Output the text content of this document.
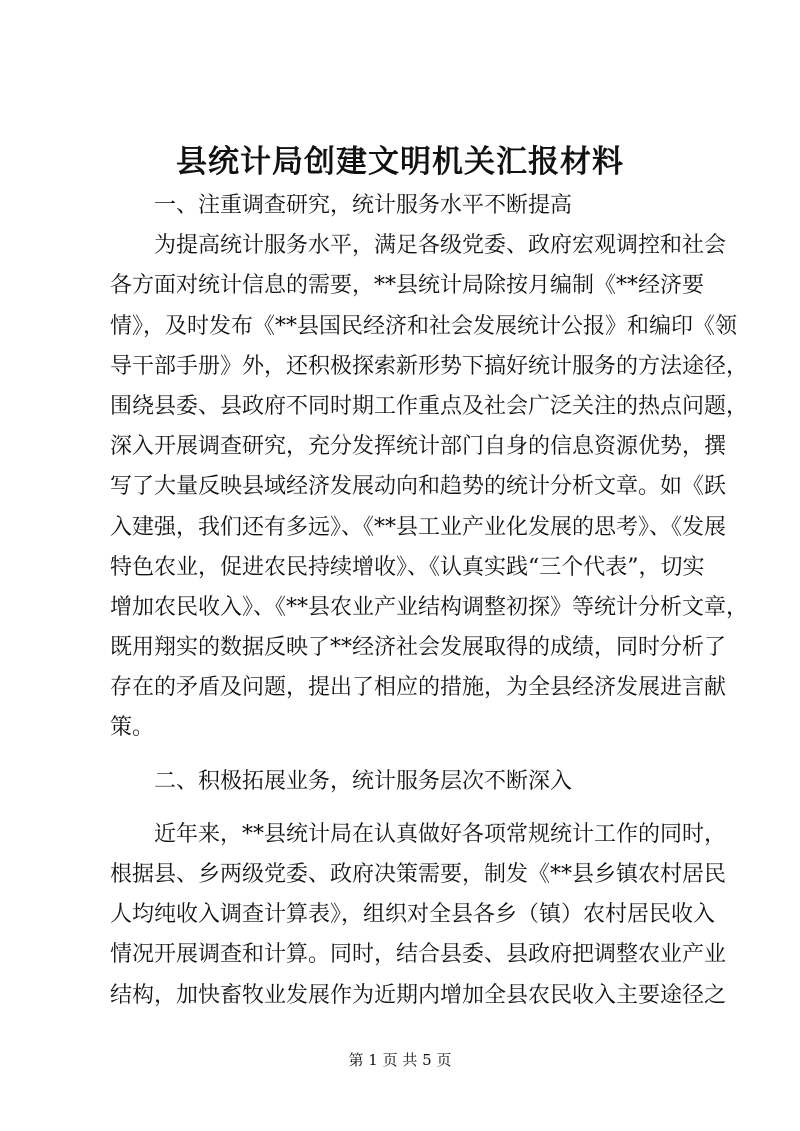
县统计局创建文明机关汇报材料
一、注重调查研究，统计服务水平不断提高
为提高统计服务水平，满足各级党委、政府宏观调控和社会
各方面对统计信息的需要，**县统计局除按月编制《**经济要
情》，及时发布《**县国民经济和社会发展统计公报》和编印《领
导干部手册》外，还积极探索新形势下搞好统计服务的方法途径，
围绕县委、县政府不同时期工作重点及社会广泛关注的热点问题，
深入开展调查研究，充分发挥统计部门自身的信息资源优势，撰
写了大量反映县域经济发展动向和趋势的统计分析文章。如《跃
入建强，我们还有多远》、《**县工业产业化发展的思考》、《发展
特色农业，促进农民持续增收》、《认真实践“三个代表”，切实
增加农民收入》、《**县农业产业结构调整初探》等统计分析文章，
既用翔实的数据反映了**经济社会发展取得的成绩，同时分析了
存在的矛盾及问题，提出了相应的措施，为全县经济发展进言献
策。
二、积极拓展业务，统计服务层次不断深入
近年来，**县统计局在认真做好各项常规统计工作的同时，
根据县、乡两级党委、政府决策需要，制发《**县乡镇农村居民
人均纯收入调查计算表》，组织对全县各乡（镇）农村居民收入
情况开展调查和计算。同时，结合县委、县政府把调整农业产业
结构，加快畜牧业发展作为近期内增加全县农民收入主要途径之
第 1 页 共 5 页
